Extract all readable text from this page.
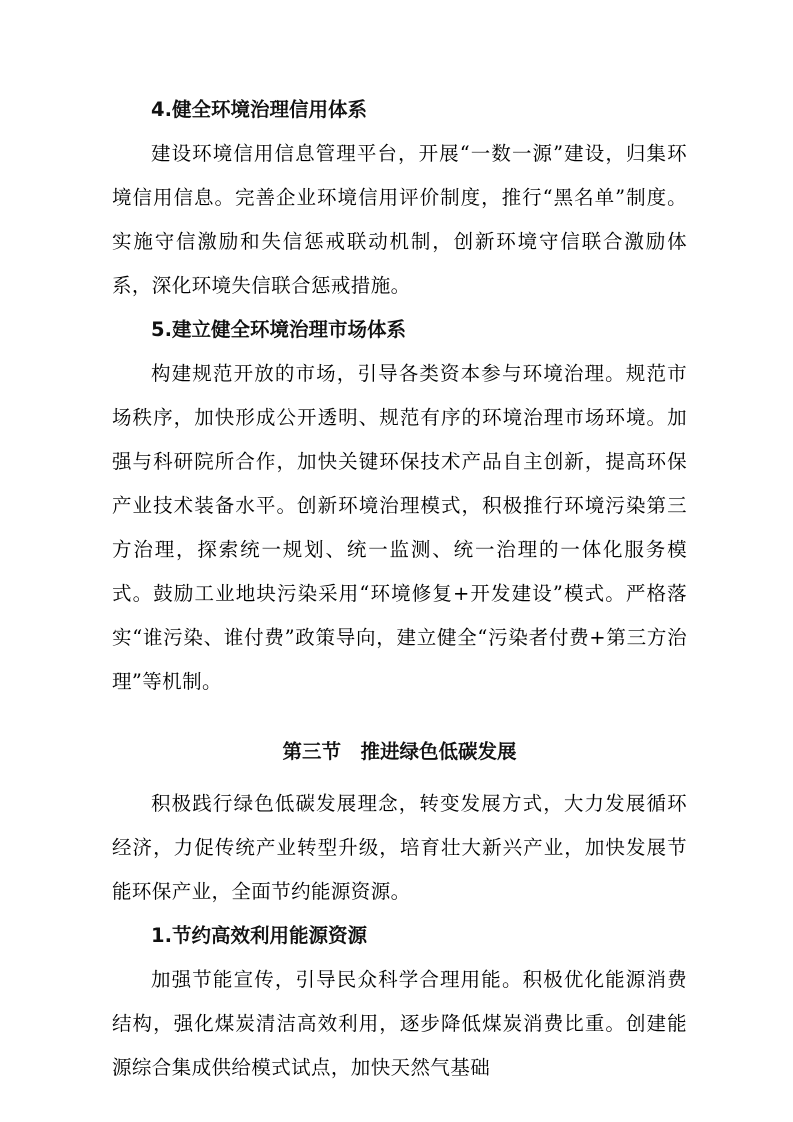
4.健全环境治理信用体系

建设环境信用信息管理平台，开展“一数一源”建设，归集环境信用信息。完善企业环境信用评价制度，推行“黑名单”制度。实施守信激励和失信惩戒联动机制，创新环境守信联合激励体系，深化环境失信联合惩戒措施。

5.建立健全环境治理市场体系

构建规范开放的市场，引导各类资本参与环境治理。规范市场秩序，加快形成公开透明、规范有序的环境治理市场环境。加强与科研院所合作，加快关键环保技术产品自主创新，提高环保产业技术装备水平。创新环境治理模式，积极推行环境污染第三方治理，探索统一规划、统一监测、统一治理的一体化服务模式。鼓励工业地块污染采用“环境修复+开发建设”模式。严格落实“谁污染、谁付费”政策导向，建立健全“污染者付费+第三方治理”等机制。

第三节　推进绿色低碳发展

积极践行绿色低碳发展理念，转变发展方式，大力发展循环经济，力促传统产业转型升级，培育壮大新兴产业，加快发展节能环保产业，全面节约能源资源。

1.节约高效利用能源资源

加强节能宣传，引导民众科学合理用能。积极优化能源消费结构，强化煤炭清洁高效利用，逐步降低煤炭消费比重。创建能源综合集成供给模式试点，加快天然气基础
